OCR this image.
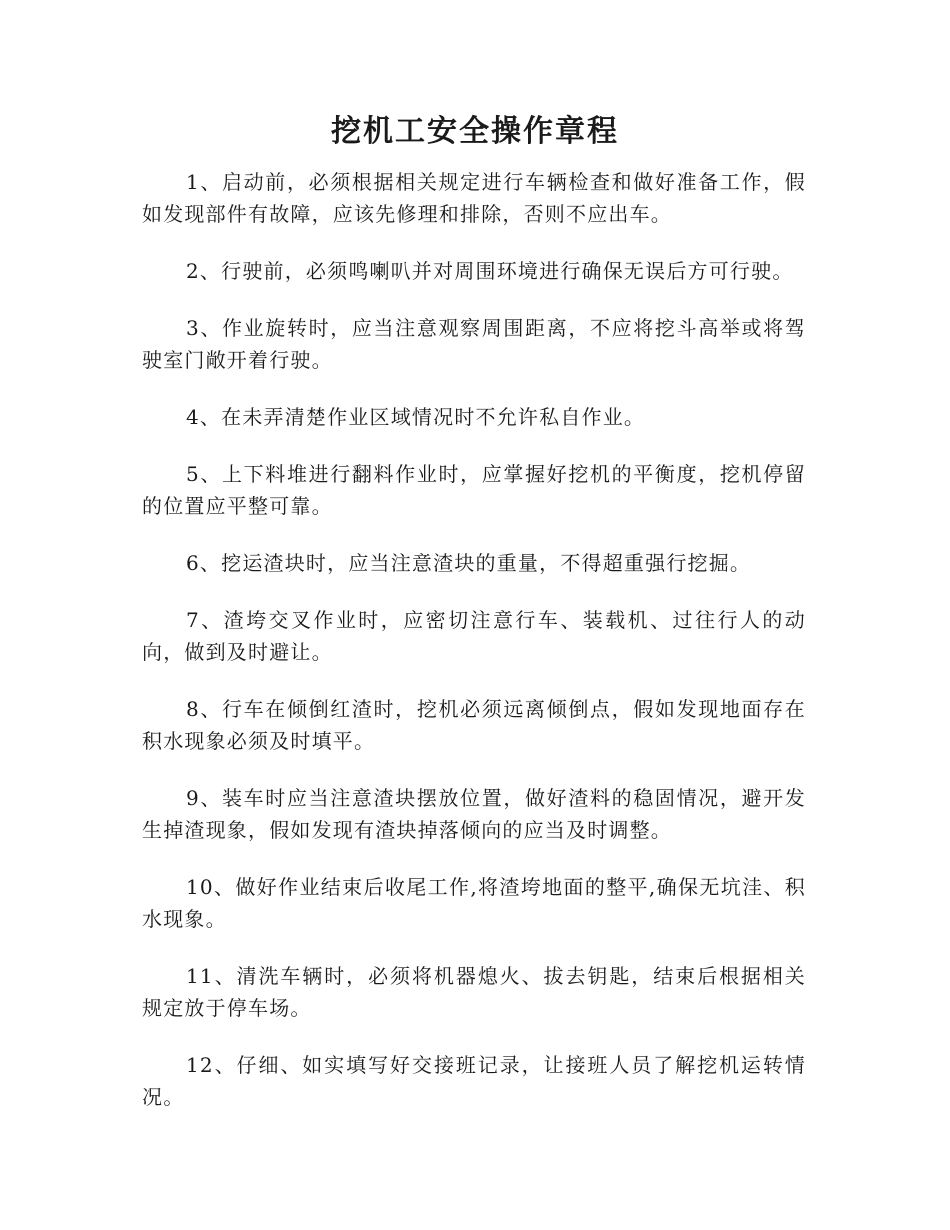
挖机工安全操作章程

1、启动前，必须根据相关规定进行车辆检查和做好准备工作，假如发现部件有故障，应该先修理和排除，否则不应出车。

2、行驶前，必须鸣喇叭并对周围环境进行确保无误后方可行驶。

3、作业旋转时，应当注意观察周围距离，不应将挖斗高举或将驾驶室门敞开着行驶。

4、在未弄清楚作业区域情况时不允许私自作业。

5、上下料堆进行翻料作业时，应掌握好挖机的平衡度，挖机停留的位置应平整可靠。

6、挖运渣块时，应当注意渣块的重量，不得超重强行挖掘。

7、渣垮交叉作业时，应密切注意行车、装载机、过往行人的动向，做到及时避让。

8、行车在倾倒红渣时，挖机必须远离倾倒点，假如发现地面存在积水现象必须及时填平。

9、装车时应当注意渣块摆放位置，做好渣料的稳固情况，避开发生掉渣现象，假如发现有渣块掉落倾向的应当及时调整。

10、做好作业结束后收尾工作,将渣垮地面的整平,确保无坑洼、积水现象。

11、清洗车辆时，必须将机器熄火、拔去钥匙，结束后根据相关规定放于停车场。

12、仔细、如实填写好交接班记录，让接班人员了解挖机运转情况。
